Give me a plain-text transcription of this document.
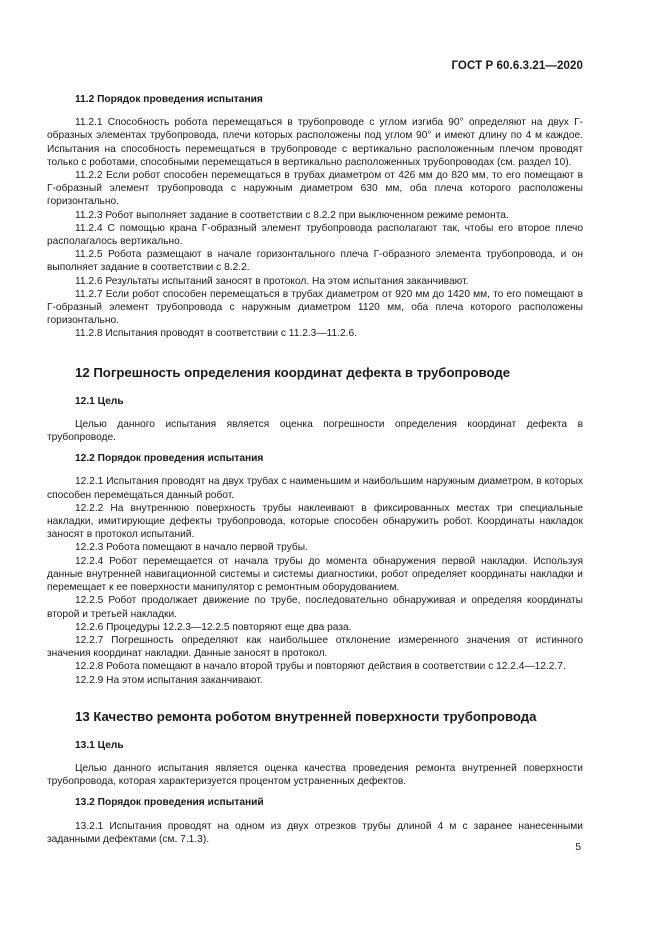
ГОСТ Р 60.6.3.21—2020
11.2 Порядок проведения испытания

11.2.1 Способность робота перемещаться в трубопроводе с углом изгиба 90° определяют на двух Г-образных элементах трубопровода, плечи которых расположены под углом 90° и имеют длину по 4 м каждое. Испытания на способность перемещаться в трубопроводе с вертикально расположенным плечом проводят только с роботами, способными перемещаться в вертикально расположенных трубопроводах (см. раздел 10).

11.2.2 Если робот способен перемещаться в трубах диаметром от 426 мм до 820 мм, то его помещают в Г-образный элемент трубопровода с наружным диаметром 630 мм, оба плеча которого расположены горизонтально.

11.2.3 Робот выполняет задание в соответствии с 8.2.2 при выключенном режиме ремонта.

11.2.4 С помощью крана Г-образный элемент трубопровода располагают так, чтобы его второе плечо располагалось вертикально.

11.2.5 Робота размещают в начале горизонтального плеча Г-образного элемента трубопровода, и он выполняет задание в соответствии с 8.2.2.

11.2.6 Результаты испытаний заносят в протокол. На этом испытания заканчивают.

11.2.7 Если робот способен перемещаться в трубах диаметром от 920 мм до 1420 мм, то его помещают в Г-образный элемент трубопровода с наружным диаметром 1120 мм, оба плеча которого расположены горизонтально.

11.2.8 Испытания проводят в соответствии с 11.2.3—11.2.6.

12 Погрешность определения координат дефекта в трубопроводе
12.1 Цель

Целью данного испытания является оценка погрешности определения координат дефекта в трубопроводе.

12.2 Порядок проведения испытания

12.2.1 Испытания проводят на двух трубах с наименьшим и наибольшим наружным диаметром, в которых способен перемещаться данный робот.

12.2.2 На внутреннюю поверхность трубы наклеивают в фиксированных местах три специальные накладки, имитирующие дефекты трубопровода, которые способен обнаружить робот. Координаты накладок заносят в протокол испытаний.

12.2.3 Робота помещают в начало первой трубы.

12.2.4 Робот перемещается от начала трубы до момента обнаружения первой накладки. Используя данные внутренней навигационной системы и системы диагностики, робот определяет координаты накладки и перемещает к ее поверхности манипулятор с ремонтным оборудованием.

12.2.5 Робот продолжает движение по трубе, последовательно обнаруживая и определяя координаты второй и третьей накладки.

12.2.6 Процедуры 12.2.3—12.2.5 повторяют еще два раза.

12.2.7 Погрешность определяют как наибольшее отклонение измеренного значения от истинного значения координат накладки. Данные заносят в протокол.

12.2.8 Робота помещают в начало второй трубы и повторяют действия в соответствии с 12.2.4—12.2.7.

12.2.9 На этом испытания заканчивают.

13 Качество ремонта роботом внутренней поверхности трубопровода
13.1 Цель

Целью данного испытания является оценка качества проведения ремонта внутренней поверхности трубопровода, которая характеризуется процентом устраненных дефектов.

13.2 Порядок проведения испытаний

13.2.1 Испытания проводят на одном из двух отрезков трубы длиной 4 м с заранее нанесенными заданными дефектами (см. 7.1.3).

5
